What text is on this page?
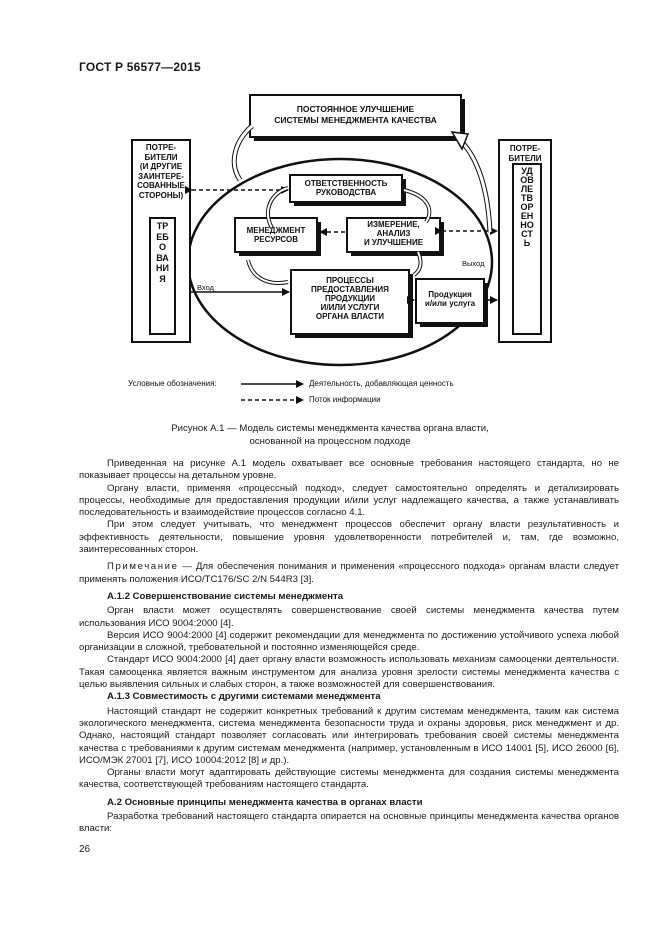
ГОСТ Р 56577—2015
ПОСТОЯННОЕ УЛУЧШЕНИЕ
СИСТЕМЫ МЕНЕДЖМЕНТА КАЧЕСТВА
ПОТРЕ-
БИТЕЛИ
(И ДРУГИЕ
ЗАИНТЕРЕ-
СОВАННЫЕ
СТОРОНЫ)
ТРЕБОВАНИЯ
ПОТРЕ-
БИТЕЛИ
УДОВЛЕТВОРЕННОСТЬ
ОТВЕТСТВЕННОСТЬ
РУКОВОДСТВА
МЕНЕДЖМЕНТ
РЕСУРСОВ
ИЗМЕРЕНИЕ,
АНАЛИЗ
И УЛУЧШЕНИЕ
ПРОЦЕССЫ
ПРЕДОСТАВЛЕНИЯ
ПРОДУКЦИИ
И/ИЛИ УСЛУГИ
ОРГАНА ВЛАСТИ
Продукция
и/или услуга
Вход
Выход
Условные обозначения:	Деятельность, добавляющая ценность
Поток информации
Рисунок А.1 — Модель системы менеджмента качества органа власти,
основанной на процессном подходе

Приведенная на рисунке А.1 модель охватывает все основные требования настоящего стандарта, но не показывает процессы на детальном уровне.

Органу власти, применяя «процессный подход», следует самостоятельно определять и детализировать процессы, необходимые для предоставления продукции и/или услуг надлежащего качества, а также устанавливать последовательность и взаимодействие процессов согласно 4.1.

При этом следует учитывать, что менеджмент процессов обеспечит органу власти результативность и эффективность деятельности, повышение уровня удовлетворенности потребителей и, там, где возможно, заинтересованных сторон.

Примечание — Для обеспечения понимания и применения «процессного подхода» органам власти следует применять положения ИСО/ТС176/SC 2/N 544R3 [3].

А.1.2 Совершенствование системы менеджмента

Орган власти может осуществлять совершенствование своей системы менеджмента качества путем использования ИСО 9004:2000 [4].

Версия ИСО 9004:2000 [4] содержит рекомендации для менеджмента по достижению устойчивого успеха любой организации в сложной, требовательной и постоянно изменяющейся среде.

Стандарт ИСО 9004:2000 [4] дает органу власти возможность использовать механизм самооценки деятельности. Такая самооценка является важным инструментом для анализа уровня зрелости системы менеджмента качества с целью выявления сильных и слабых сторон, а также возможностей для совершенствования.

А.1.3 Совместимость с другими системами менеджмента

Настоящий стандарт не содержит конкретных требований к другим системам менеджмента, таким как система экологического менеджмента, система менеджмента безопасности труда и охраны здоровья, риск менеджмент и др. Однако, настоящий стандарт позволяет согласовать или интегрировать требования своей системы менеджмента качества с требованиями к другим системам менеджмента (например, установленным в ИСО 14001 [5], ИСО 26000 [6], ИСО/МЭК 27001 [7], ИСО 10004:2012 [8] и др.).

Органы власти могут адаптировать действующие системы менеджмента для создания системы менеджмента качества, соответствующей требованиям настоящего стандарта.

А.2 Основные принципы менеджмента качества в органах власти

Разработка требований настоящего стандарта опирается на основные принципы менеджмента качества органов власти:

26
